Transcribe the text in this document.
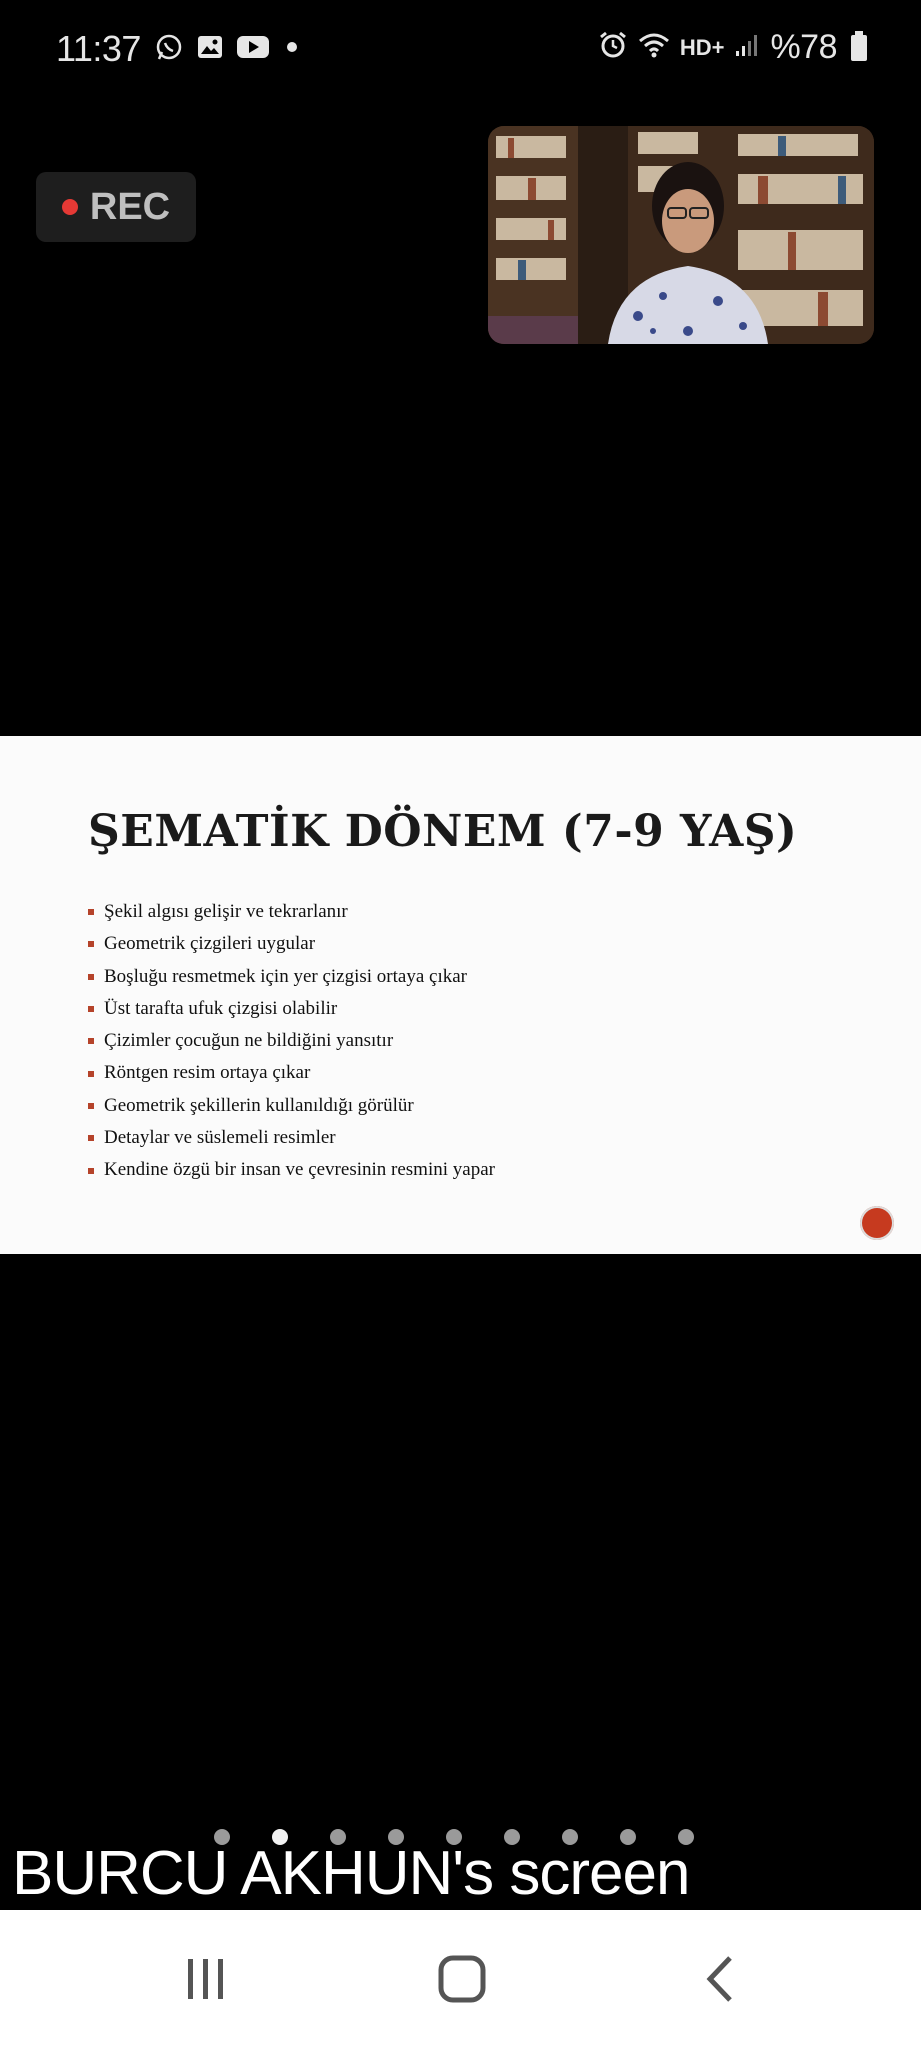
11:37	HD+ %78
REC
ŞEMATİK DÖNEM (7-9 YAŞ)
Şekil algısı gelişir ve tekrarlanır
Geometrik çizgileri uygular
Boşluğu resmetmek için yer çizgisi ortaya çıkar
Üst tarafta ufuk çizgisi olabilir
Çizimler çocuğun ne bildiğini yansıtır
Röntgen resim ortaya çıkar
Geometrik şekillerin kullanıldığı görülür
Detaylar ve süslemeli resimler
Kendine özgü bir insan ve çevresinin resmini yapar
BURCU AKHUN's screen
